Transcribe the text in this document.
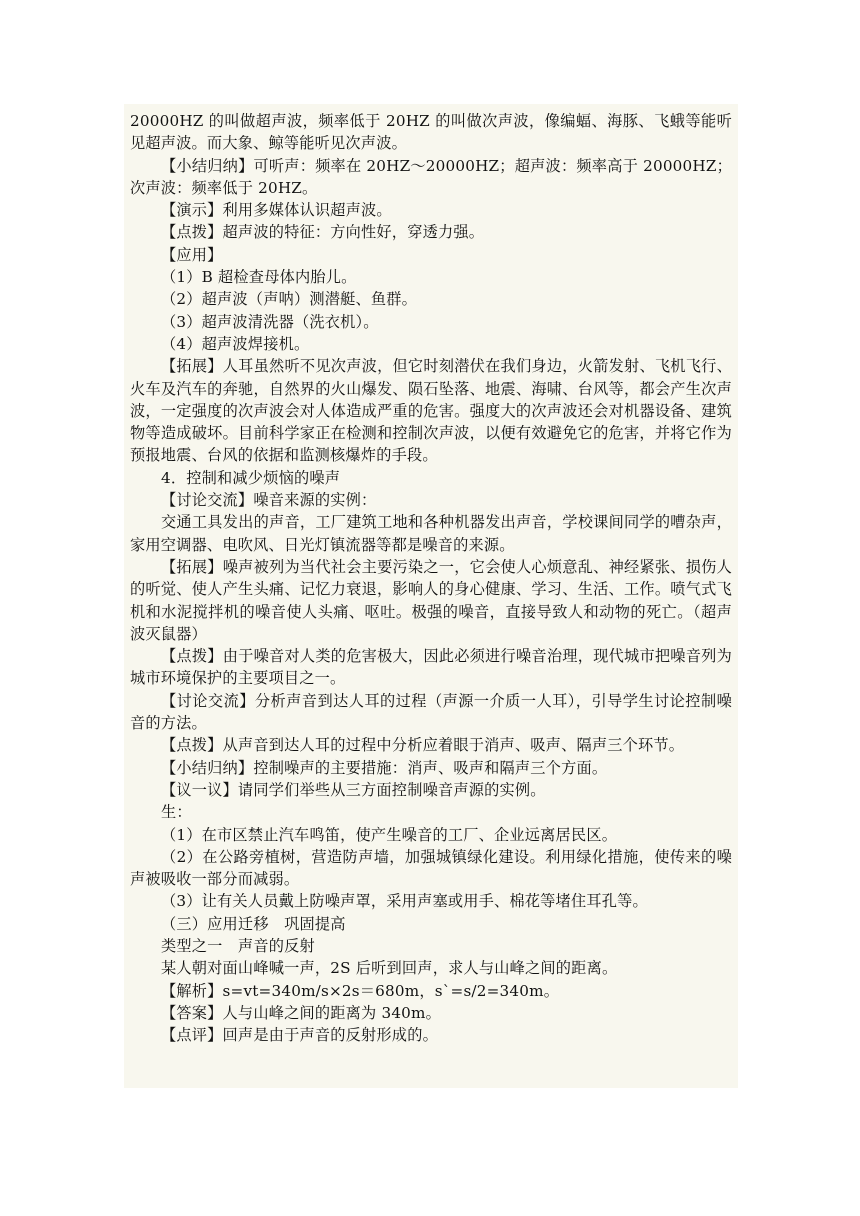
20000HZ 的叫做超声波，频率低于 20HZ 的叫做次声波，像编蝠、海豚、飞蛾等能听见超声波。而大象、鲸等能听见次声波。

【小结归纳】可听声：频率在 20HZ～20000HZ；超声波：频率高于 20000HZ；次声波：频率低于 20HZ。

【演示】利用多媒体认识超声波。

【点拨】超声波的特征：方向性好，穿透力强。

【应用】

（1）B 超检查母体内胎儿。

（2）超声波（声呐）测潜艇、鱼群。

（3）超声波清洗器（洗衣机）。

（4）超声波焊接机。

【拓展】人耳虽然听不见次声波，但它时刻潜伏在我们身边，火箭发射、飞机飞行、火车及汽车的奔驰，自然界的火山爆发、陨石坠落、地震、海啸、台风等，都会产生次声波，一定强度的次声波会对人体造成严重的危害。强度大的次声波还会对机器设备、建筑物等造成破坏。目前科学家正在检测和控制次声波，以便有效避免它的危害，并将它作为预报地震、台风的依据和监测核爆炸的手段。

4．控制和减少烦恼的噪声

【讨论交流】噪音来源的实例：

交通工具发出的声音，工厂建筑工地和各种机器发出声音，学校课间同学的嘈杂声，家用空调器、电吹风、日光灯镇流器等都是噪音的来源。

【拓展】噪声被列为当代社会主要污染之一，它会使人心烦意乱、神经紧张、损伤人的听觉、使人产生头痛、记忆力衰退，影响人的身心健康、学习、生活、工作。喷气式飞机和水泥搅拌机的噪音使人头痛、呕吐。极强的噪音，直接导致人和动物的死亡。（超声波灭鼠器）

【点拨】由于噪音对人类的危害极大，因此必须进行噪音治理，现代城市把噪音列为城市环境保护的主要项目之一。

【讨论交流】分析声音到达人耳的过程（声源一介质一人耳），引导学生讨论控制噪音的方法。

【点拨】从声音到达人耳的过程中分析应着眼于消声、吸声、隔声三个环节。

【小结归纳】控制噪声的主要措施：消声、吸声和隔声三个方面。

【议一议】请同学们举些从三方面控制噪音声源的实例。

生：

（1）在市区禁止汽车鸣笛，使产生噪音的工厂、企业远离居民区。

（2）在公路旁植树，营造防声墙，加强城镇绿化建设。利用绿化措施，使传来的噪声被吸收一部分而减弱。

（3）让有关人员戴上防噪声罩，采用声塞或用手、棉花等堵住耳孔等。

（三）应用迁移　巩固提高

类型之一　声音的反射

某人朝对面山峰喊一声，2S 后听到回声，求人与山峰之间的距离。

【解析】s=vt=340m/s×2s＝680m，s`=s/2=340m。

【答案】人与山峰之间的距离为 340m。

【点评】回声是由于声音的反射形成的。
